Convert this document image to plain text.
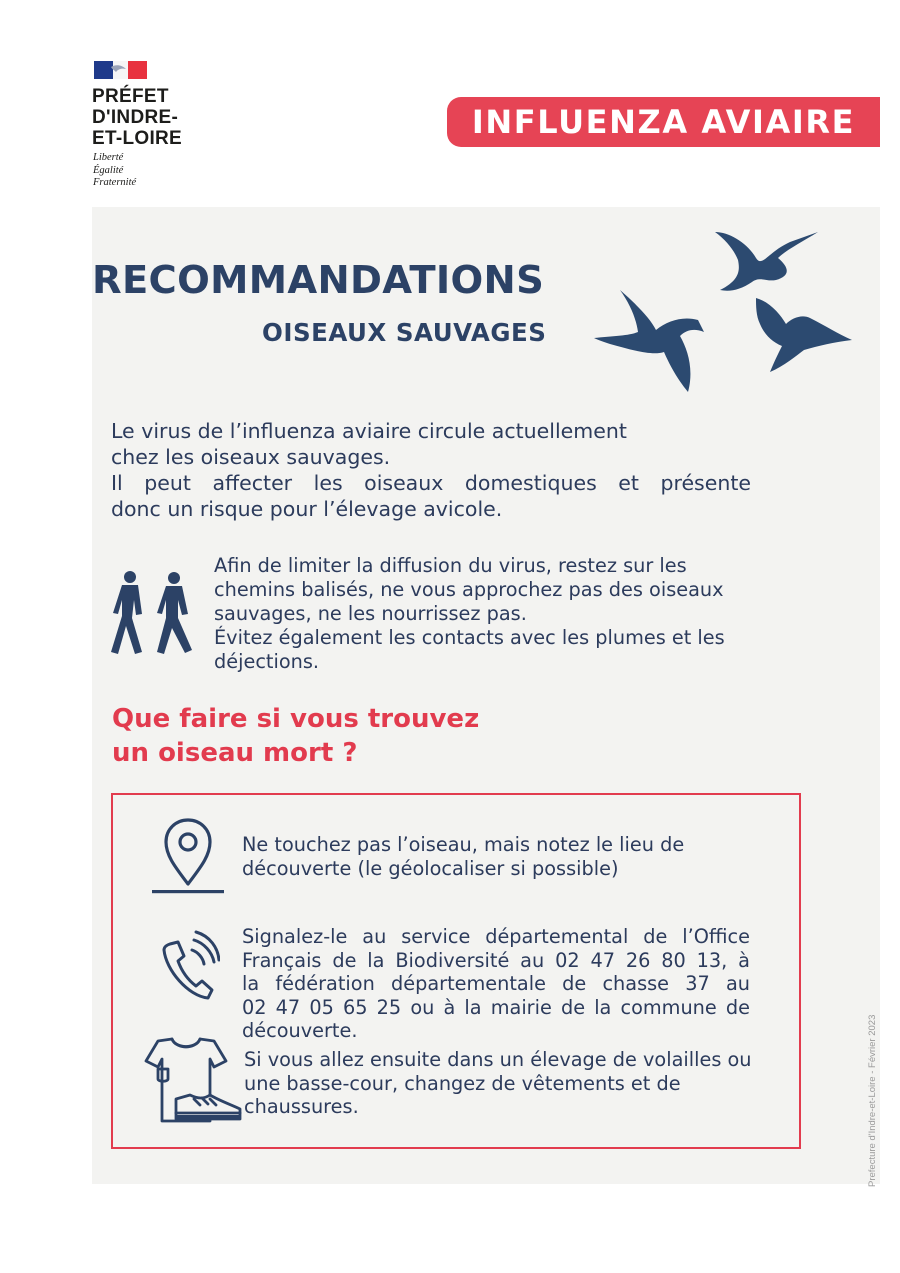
PRÉFET
D'INDRE-
ET-LOIRE
Liberté
Égalité
Fraternité
INFLUENZA AVIAIRE
RECOMMANDATIONS
OISEAUX SAUVAGES

Le virus de l’influenza aviaire circule actuellement

chez les oiseaux sauvages.

Il peut affecter les oiseaux domestiques et présente

donc un risque pour l’élevage avicole.

Afin de limiter la diffusion du virus, restez sur les chemins balisés, ne vous approchez pas des oiseaux sauvages, ne les nourrissez pas.

Évitez également les contacts avec les plumes et les déjections.

Que faire si vous trouvez
un oiseau mort ?
Ne touchez pas l’oiseau, mais notez le lieu de découverte (le géolocaliser si possible)
Signalez-le au service départemental de l’Office
Français de la Biodiversité au 02 47 26 80 13, à
la fédération départementale de chasse 37 au
02 47 05 65 25 ou à la mairie de la commune de
découverte.
Si vous allez ensuite dans un élevage de volailles ou une basse-cour, changez de vêtements et de chaussures.	Prefecture d'Indre-et-Loire - Février 2023
